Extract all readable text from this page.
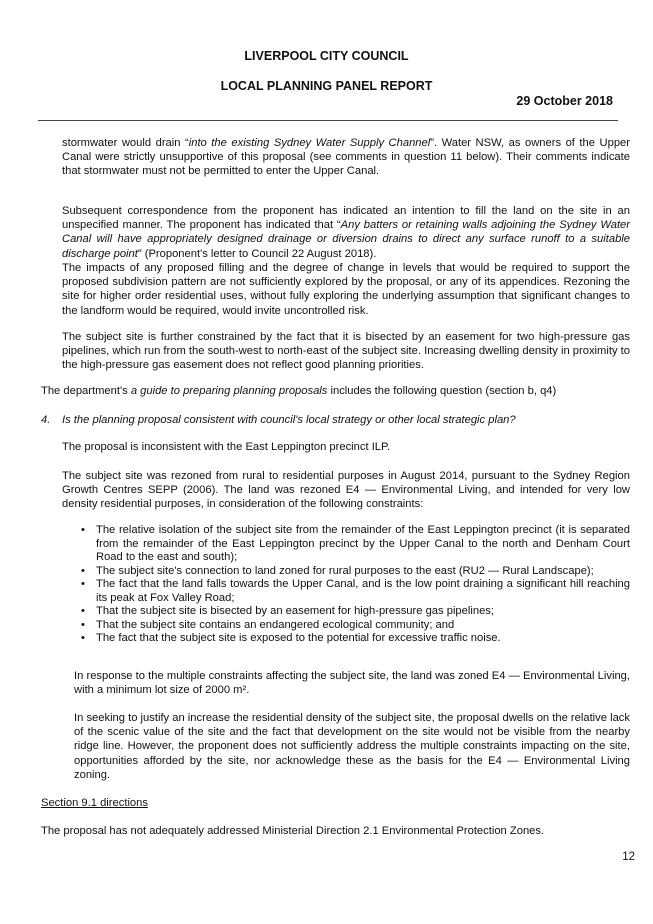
LIVERPOOL CITY COUNCIL
LOCAL PLANNING PANEL REPORT
29 October 2018

stormwater would drain “into the existing Sydney Water Supply Channel”. Water NSW, as owners of the Upper Canal were strictly unsupportive of this proposal (see comments in question 11 below). Their comments indicate that stormwater must not be permitted to enter the Upper Canal.

Subsequent correspondence from the proponent has indicated an intention to fill the land on the site in an unspecified manner. The proponent has indicated that “Any batters or retaining walls adjoining the Sydney Water Canal will have appropriately designed drainage or diversion drains to direct any surface runoff to a suitable discharge point” (Proponent's letter to Council 22 August 2018).

The impacts of any proposed filling and the degree of change in levels that would be required to support the proposed subdivision pattern are not sufficiently explored by the proposal, or any of its appendices. Rezoning the site for higher order residential uses, without fully exploring the underlying assumption that significant changes to the landform would be required, would invite uncontrolled risk.

The subject site is further constrained by the fact that it is bisected by an easement for two high-pressure gas pipelines, which run from the south-west to north-east of the subject site. Increasing dwelling density in proximity to the high-pressure gas easement does not reflect good planning priorities.

The department's a guide to preparing planning proposals includes the following question (section b, q4)

4. Is the planning proposal consistent with council's local strategy or other local strategic plan?

The proposal is inconsistent with the East Leppington precinct ILP.

The subject site was rezoned from rural to residential purposes in August 2014, pursuant to the Sydney Region Growth Centres SEPP (2006). The land was rezoned E4 — Environmental Living, and intended for very low density residential purposes, in consideration of the following constraints:

• The relative isolation of the subject site from the remainder of the East Leppington precinct (it is separated from the remainder of the East Leppington precinct by the Upper Canal to the north and Denham Court Road to the east and south);
• The subject site's connection to land zoned for rural purposes to the east (RU2 — Rural Landscape);
• The fact that the land falls towards the Upper Canal, and is the low point draining a significant hill reaching its peak at Fox Valley Road;
• That the subject site is bisected by an easement for high-pressure gas pipelines;
• That the subject site contains an endangered ecological community; and
• The fact that the subject site is exposed to the potential for excessive traffic noise.

In response to the multiple constraints affecting the subject site, the land was zoned E4 — Environmental Living, with a minimum lot size of 2000 m².

In seeking to justify an increase the residential density of the subject site, the proposal dwells on the relative lack of the scenic value of the site and the fact that development on the site would not be visible from the nearby ridge line. However, the proponent does not sufficiently address the multiple constraints impacting on the site, opportunities afforded by the site, nor acknowledge these as the basis for the E4 — Environmental Living zoning.

Section 9.1 directions

The proposal has not adequately addressed Ministerial Direction 2.1 Environmental Protection Zones.

12
